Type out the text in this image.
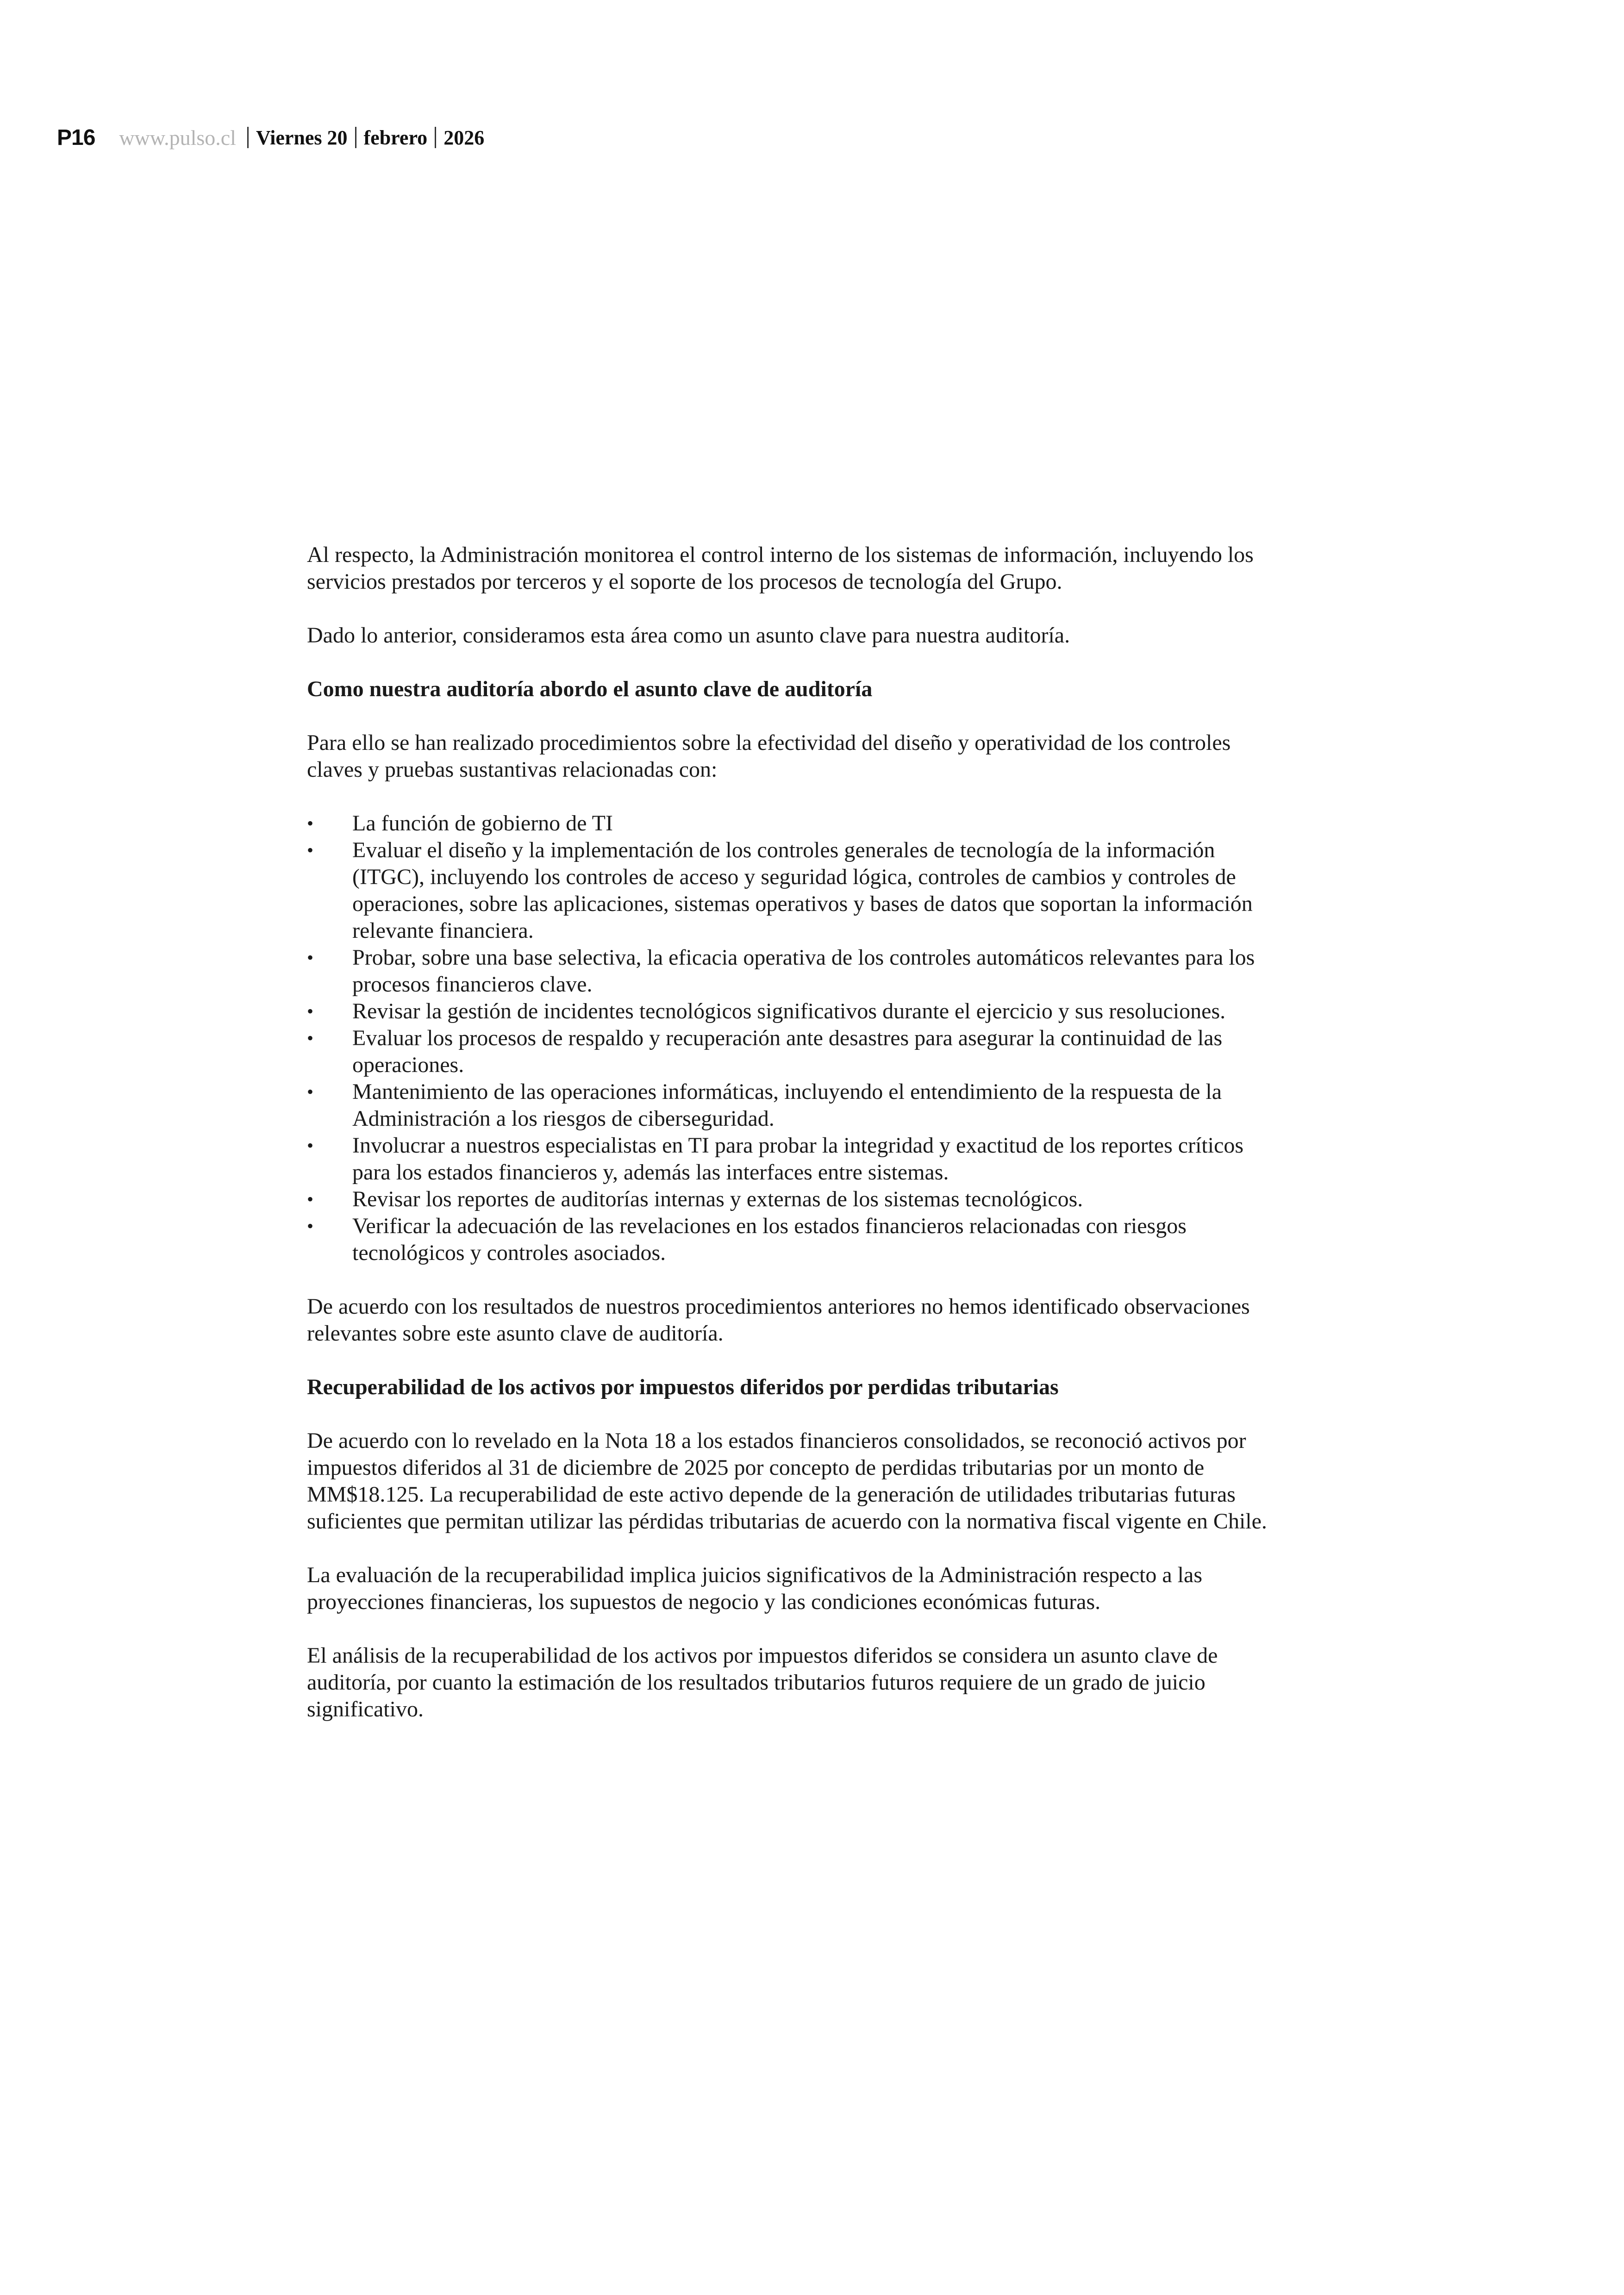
P16 www.pulso.cl Viernes 20 febrero 2026

Al respecto, la Administración monitorea el control interno de los sistemas de información, incluyendo los servicios prestados por terceros y el soporte de los procesos de tecnología del Grupo.

Dado lo anterior, consideramos esta área como un asunto clave para nuestra auditoría.

Como nuestra auditoría abordo el asunto clave de auditoría

Para ello se han realizado procedimientos sobre la efectividad del diseño y operatividad de los controles claves y pruebas sustantivas relacionadas con:

•	La función de gobierno de TI
•	Evaluar el diseño y la implementación de los controles generales de tecnología de la información (ITGC), incluyendo los controles de acceso y seguridad lógica, controles de cambios y controles de operaciones, sobre las aplicaciones, sistemas operativos y bases de datos que soportan la información relevante financiera.
•	Probar, sobre una base selectiva, la eficacia operativa de los controles automáticos relevantes para los procesos financieros clave.
•	Revisar la gestión de incidentes tecnológicos significativos durante el ejercicio y sus resoluciones.
•	Evaluar los procesos de respaldo y recuperación ante desastres para asegurar la continuidad de las operaciones.
•	Mantenimiento de las operaciones informáticas, incluyendo el entendimiento de la respuesta de la Administración a los riesgos de ciberseguridad.
•	Involucrar a nuestros especialistas en TI para probar la integridad y exactitud de los reportes críticos para los estados financieros y, además las interfaces entre sistemas.
•	Revisar los reportes de auditorías internas y externas de los sistemas tecnológicos.
•	Verificar la adecuación de las revelaciones en los estados financieros relacionadas con riesgos tecnológicos y controles asociados.

De acuerdo con los resultados de nuestros procedimientos anteriores no hemos identificado observaciones relevantes sobre este asunto clave de auditoría.

Recuperabilidad de los activos por impuestos diferidos por perdidas tributarias

De acuerdo con lo revelado en la Nota 18 a los estados financieros consolidados, se reconoció activos por impuestos diferidos al 31 de diciembre de 2025 por concepto de perdidas tributarias por un monto de MM$18.125. La recuperabilidad de este activo depende de la generación de utilidades tributarias futuras suficientes que permitan utilizar las pérdidas tributarias de acuerdo con la normativa fiscal vigente en Chile.

La evaluación de la recuperabilidad implica juicios significativos de la Administración respecto a las proyecciones financieras, los supuestos de negocio y las condiciones económicas futuras.

El análisis de la recuperabilidad de los activos por impuestos diferidos se considera un asunto clave de auditoría, por cuanto la estimación de los resultados tributarios futuros requiere de un grado de juicio significativo.
